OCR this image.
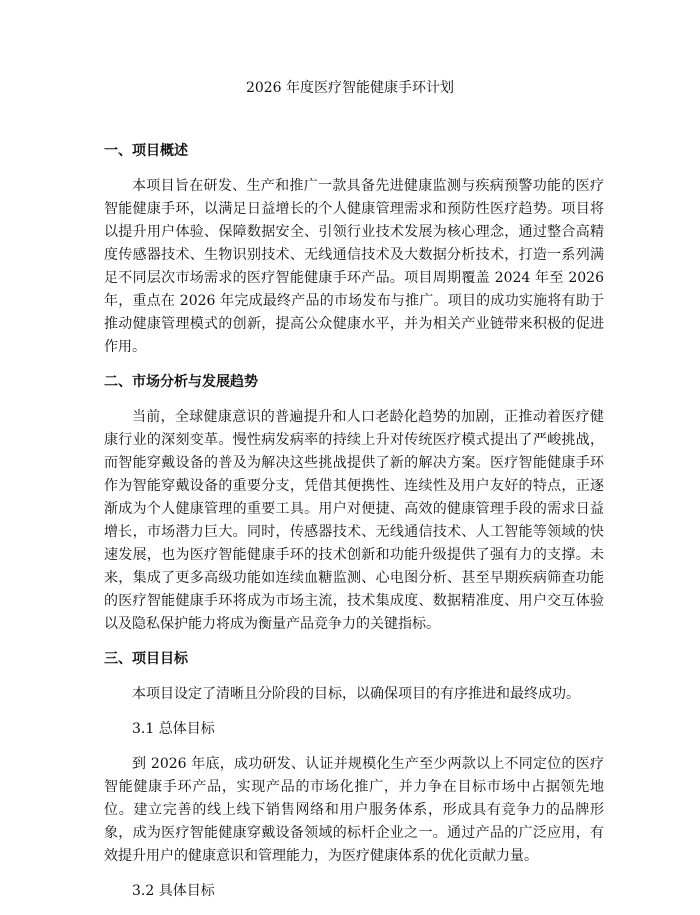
2026 年度医疗智能健康手环计划
一、项目概述
本项目旨在研发、生产和推广一款具备先进健康监测与疾病预警功能的医疗智能健康手环，以满足日益增长的个人健康管理需求和预防性医疗趋势。项目将以提升用户体验、保障数据安全、引领行业技术发展为核心理念，通过整合高精度传感器技术、生物识别技术、无线通信技术及大数据分析技术，打造一系列满足不同层次市场需求的医疗智能健康手环产品。项目周期覆盖 2024 年至 2026 年，重点在 2026 年完成最终产品的市场发布与推广。项目的成功实施将有助于推动健康管理模式的创新，提高公众健康水平，并为相关产业链带来积极的促进作用。
二、市场分析与发展趋势
当前，全球健康意识的普遍提升和人口老龄化趋势的加剧，正推动着医疗健康行业的深刻变革。慢性病发病率的持续上升对传统医疗模式提出了严峻挑战，而智能穿戴设备的普及为解决这些挑战提供了新的解决方案。医疗智能健康手环作为智能穿戴设备的重要分支，凭借其便携性、连续性及用户友好的特点，正逐渐成为个人健康管理的重要工具。用户对便捷、高效的健康管理手段的需求日益增长，市场潜力巨大。同时，传感器技术、无线通信技术、人工智能等领域的快速发展，也为医疗智能健康手环的技术创新和功能升级提供了强有力的支撑。未来，集成了更多高级功能如连续血糖监测、心电图分析、甚至早期疾病筛查功能的医疗智能健康手环将成为市场主流，技术集成度、数据精准度、用户交互体验以及隐私保护能力将成为衡量产品竞争力的关键指标。
三、项目目标
本项目设定了清晰且分阶段的目标，以确保项目的有序推进和最终成功。
3.1 总体目标
到 2026 年底，成功研发、认证并规模化生产至少两款以上不同定位的医疗智能健康手环产品，实现产品的市场化推广，并力争在目标市场中占据领先地位。建立完善的线上线下销售网络和用户服务体系，形成具有竞争力的品牌形象，成为医疗智能健康穿戴设备领域的标杆企业之一。通过产品的广泛应用，有效提升用户的健康意识和管理能力，为医疗健康体系的优化贡献力量。
3.2 具体目标
